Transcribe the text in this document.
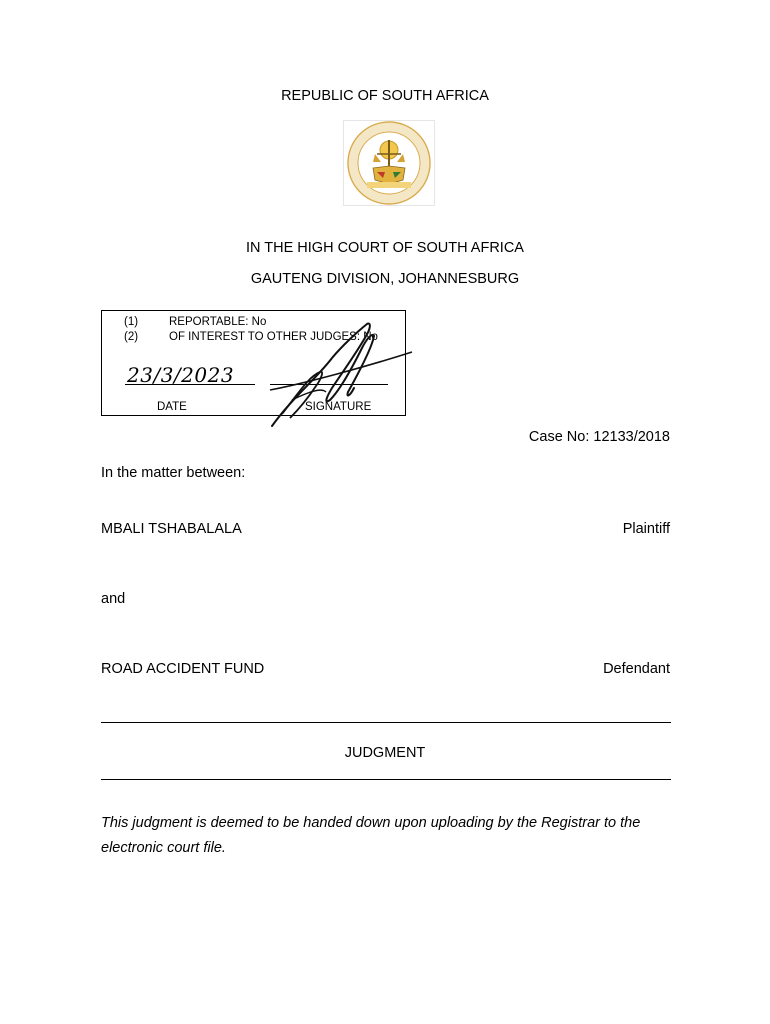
REPUBLIC OF SOUTH AFRICA
IN THE HIGH COURT OF SOUTH AFRICA
GAUTENG DIVISION, JOHANNESBURG
(1)	REPORTABLE: No
(2)	OF INTEREST TO OTHER JUDGES: No
23/3/2023
DATE	SIGNATURE
Case No: 12133/2018
In the matter between:
MBALI TSHABALALA	Plaintiff
and
ROAD ACCIDENT FUND	Defendant
JUDGMENT
This judgment is deemed to be handed down upon uploading by the Registrar to the
electronic court file.
